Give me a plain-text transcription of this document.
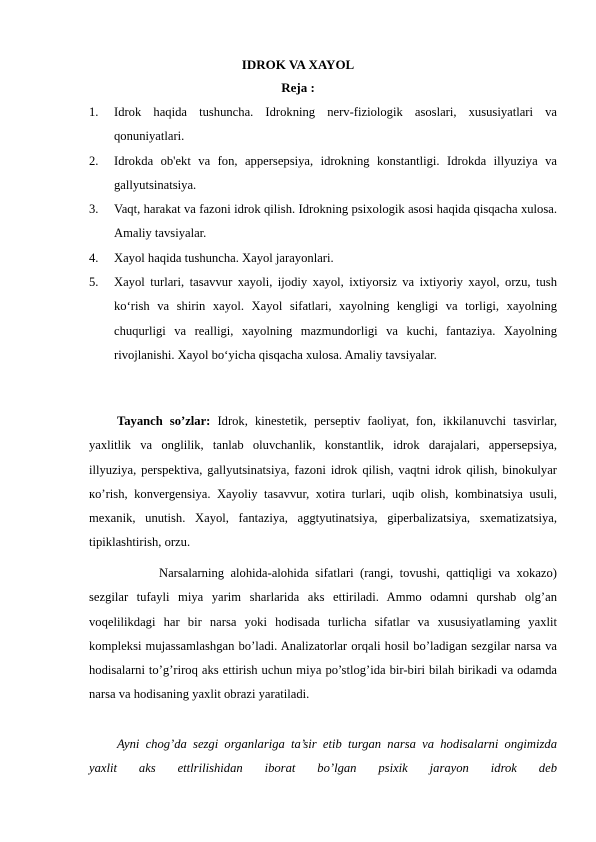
IDROK VA XAYOL
Reja :
1. Idrok haqida tushuncha. Idrokning nerv-fiziologik asoslari, xususiyatlari va qonuniyatlari.
2. Idrokda ob'ekt va fon, appersepsiya, idrokning konstantligi. Idrokda illyuziya va gallyutsinatsiya.
3. Vaqt, harakat va fazoni idrok qilish. Idrokning psixologik asosi haqida qisqacha xulosa. Amaliy tavsiyalar.
4. Xayol haqida tushuncha. Xayol jarayonlari.
5. Xayol turlari, tasavvur xayoli, ijodiy xayol, ixtiyorsiz va ixtiyoriy xayol, orzu, tush ko‘rish va shirin xayol. Xayol sifatlari, xayolning kengligi va torligi, xayolning chuqurligi va realligi, xayolning mazmundorligi va kuchi, fantaziya. Xayolning rivojlanishi. Xayol bo‘yicha qisqacha xulosa. Amaliy tavsiyalar.

Tayanch so’zlar: Idrok, kinestetik, perseptiv faoliyat, fon, ikkilanuvchi tasvirlar, yaxlitlik va onglilik, tanlab oluvchanlik, konstantlik, idrok darajalari, appersepsiya, illyuziya, perspektiva, gallyutsinatsiya, fazoni idrok qilish, vaqtni idrok qilish, binokulyar кo’rish, konvergensiya. Xayoliy tasavvur, xotira turlari, uqib olish, kombinatsiya usuli, mexanik, unutish. Xayol, fantaziya, aggtyutinatsiya, giperbalizatsiya, sxematizatsiya, tipiklashtirish, orzu.

Narsalarning alohida-alohida sifatlari (rangi, tovushi, qattiqligi va xokazo) sezgilar tufayli miya yarim sharlarida aks ettiriladi. Ammo odamni qurshab olg’an voqelilikdagi har bir narsa yoki hodisada turlicha sifatlar va xususiyatlaming yaxlit kompleksi mujassamlashgan bo’ladi. Analizatorlar orqali hosil bo’ladigan sezgilar narsa va hodisalarni to’g’riroq aks ettirish uchun miya po’stlog’ida bir-biri bilah birikadi va odamda narsa va hodisaning yaxlit obrazi yaratiladi.

Ayni chog’da sezgi organlariga ta’sir etib turgan narsa va hodisalarni ongimizda yaxlit aks ettlrilishidan iborat bo’lgan psixik jarayon idrok deb
